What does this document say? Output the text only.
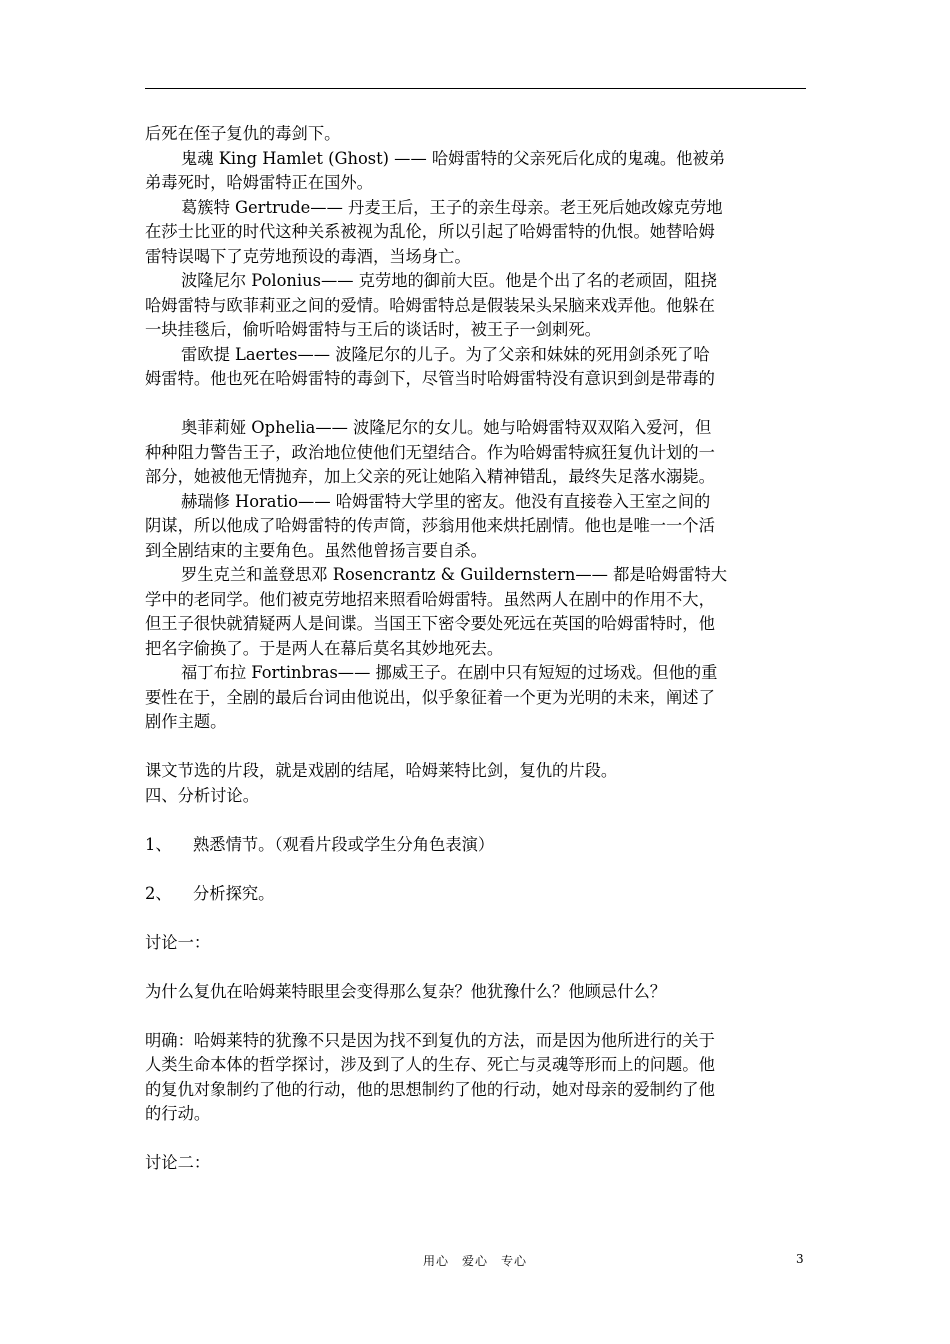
后死在侄子复仇的毒剑下。

鬼魂 King Hamlet (Ghost) —— 哈姆雷特的父亲死后化成的鬼魂。他被弟

弟毒死时，哈姆雷特正在国外。

葛簇特 Gertrude—— 丹麦王后，王子的亲生母亲。老王死后她改嫁克劳地

在莎士比亚的时代这种关系被视为乱伦，所以引起了哈姆雷特的仇恨。她替哈姆

雷特误喝下了克劳地预设的毒酒，当场身亡。

波隆尼尔 Polonius—— 克劳地的御前大臣。他是个出了名的老顽固，阻挠

哈姆雷特与欧菲莉亚之间的爱情。哈姆雷特总是假装呆头呆脑来戏弄他。他躲在

一块挂毯后，偷听哈姆雷特与王后的谈话时，被王子一剑刺死。

雷欧提 Laertes—— 波隆尼尔的儿子。为了父亲和妹妹的死用剑杀死了哈

姆雷特。他也死在哈姆雷特的毒剑下，尽管当时哈姆雷特没有意识到剑是带毒的

奥菲莉娅 Ophelia—— 波隆尼尔的女儿。她与哈姆雷特双双陷入爱河，但

种种阻力警告王子，政治地位使他们无望结合。作为哈姆雷特疯狂复仇计划的一

部分，她被他无情抛弃，加上父亲的死让她陷入精神错乱，最终失足落水溺毙。

赫瑞修 Horatio—— 哈姆雷特大学里的密友。他没有直接卷入王室之间的

阴谋，所以他成了哈姆雷特的传声筒，莎翁用他来烘托剧情。他也是唯一一个活

到全剧结束的主要角色。虽然他曾扬言要自杀。

罗生克兰和盖登思邓 Rosencrantz & Guildernstern—— 都是哈姆雷特大

学中的老同学。他们被克劳地招来照看哈姆雷特。虽然两人在剧中的作用不大，

但王子很快就猜疑两人是间谍。当国王下密令要处死远在英国的哈姆雷特时，他

把名字偷换了。于是两人在幕后莫名其妙地死去。

福丁布拉 Fortinbras—— 挪威王子。在剧中只有短短的过场戏。但他的重

要性在于，全剧的最后台词由他说出，似乎象征着一个更为光明的未来，阐述了

剧作主题。

课文节选的片段，就是戏剧的结尾，哈姆莱特比剑，复仇的片段。

四、分析讨论。

1、 熟悉情节。（观看片段或学生分角色表演）

2、 分析探究。

讨论一：

为什么复仇在哈姆莱特眼里会变得那么复杂？他犹豫什么？他顾忌什么？

明确：哈姆莱特的犹豫不只是因为找不到复仇的方法，而是因为他所进行的关于

人类生命本体的哲学探讨，涉及到了人的生存、死亡与灵魂等形而上的问题。他

的复仇对象制约了他的行动，他的思想制约了他的行动，她对母亲的爱制约了他

的行动。

讨论二：

用心　爱心　专心	3
